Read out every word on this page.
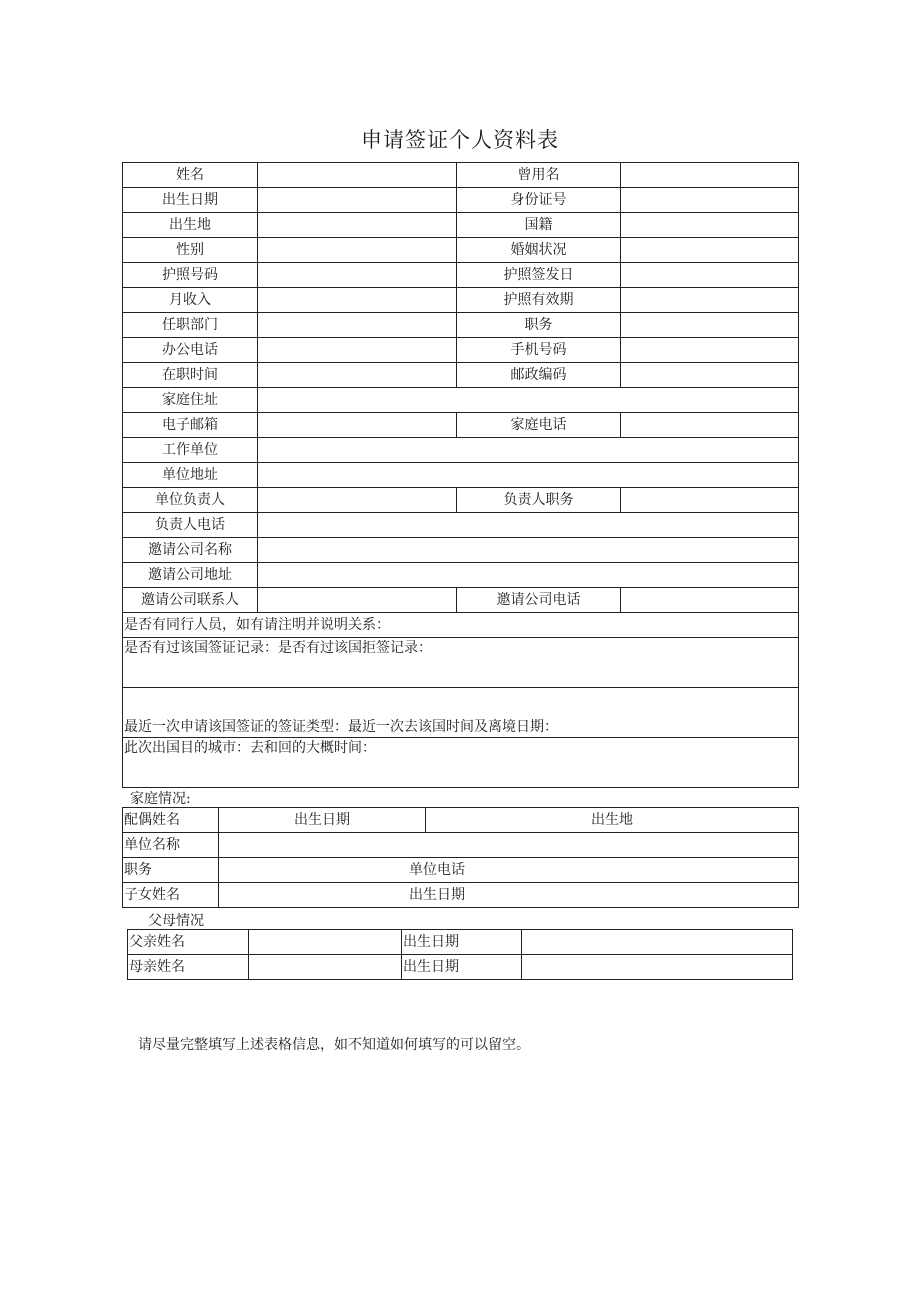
申请签证个人资料表
姓名		曾用名	
出生日期		身份证号	
出生地		国籍	
性别		婚姻状况	
护照号码		护照签发日	
月收入		护照有效期	
任职部门		职务	
办公电话		手机号码	
在职时间		邮政编码	
家庭住址			
电子邮箱		家庭电话	
工作单位			
单位地址			
单位负责人		负责人职务	
负责人电话			
邀请公司名称			
邀请公司地址			
邀请公司联系人		邀请公司电话	
是否有同行人员，如有请注明并说明关系：			
是否有过该国签证记录：是否有过该国拒签记录：			
最近一次申请该国签证的签证类型：最近一次去该国时间及离境日期：			
此次出国目的城市：去和回的大概时间：			
家庭情况:
配偶姓名	出生日期	出生地
单位名称		
职务	单位电话	
子女姓名	出生日期	
父母情况
父亲姓名		出生日期	
母亲姓名		出生日期	
请尽量完整填写上述表格信息，如不知道如何填写的可以留空。
